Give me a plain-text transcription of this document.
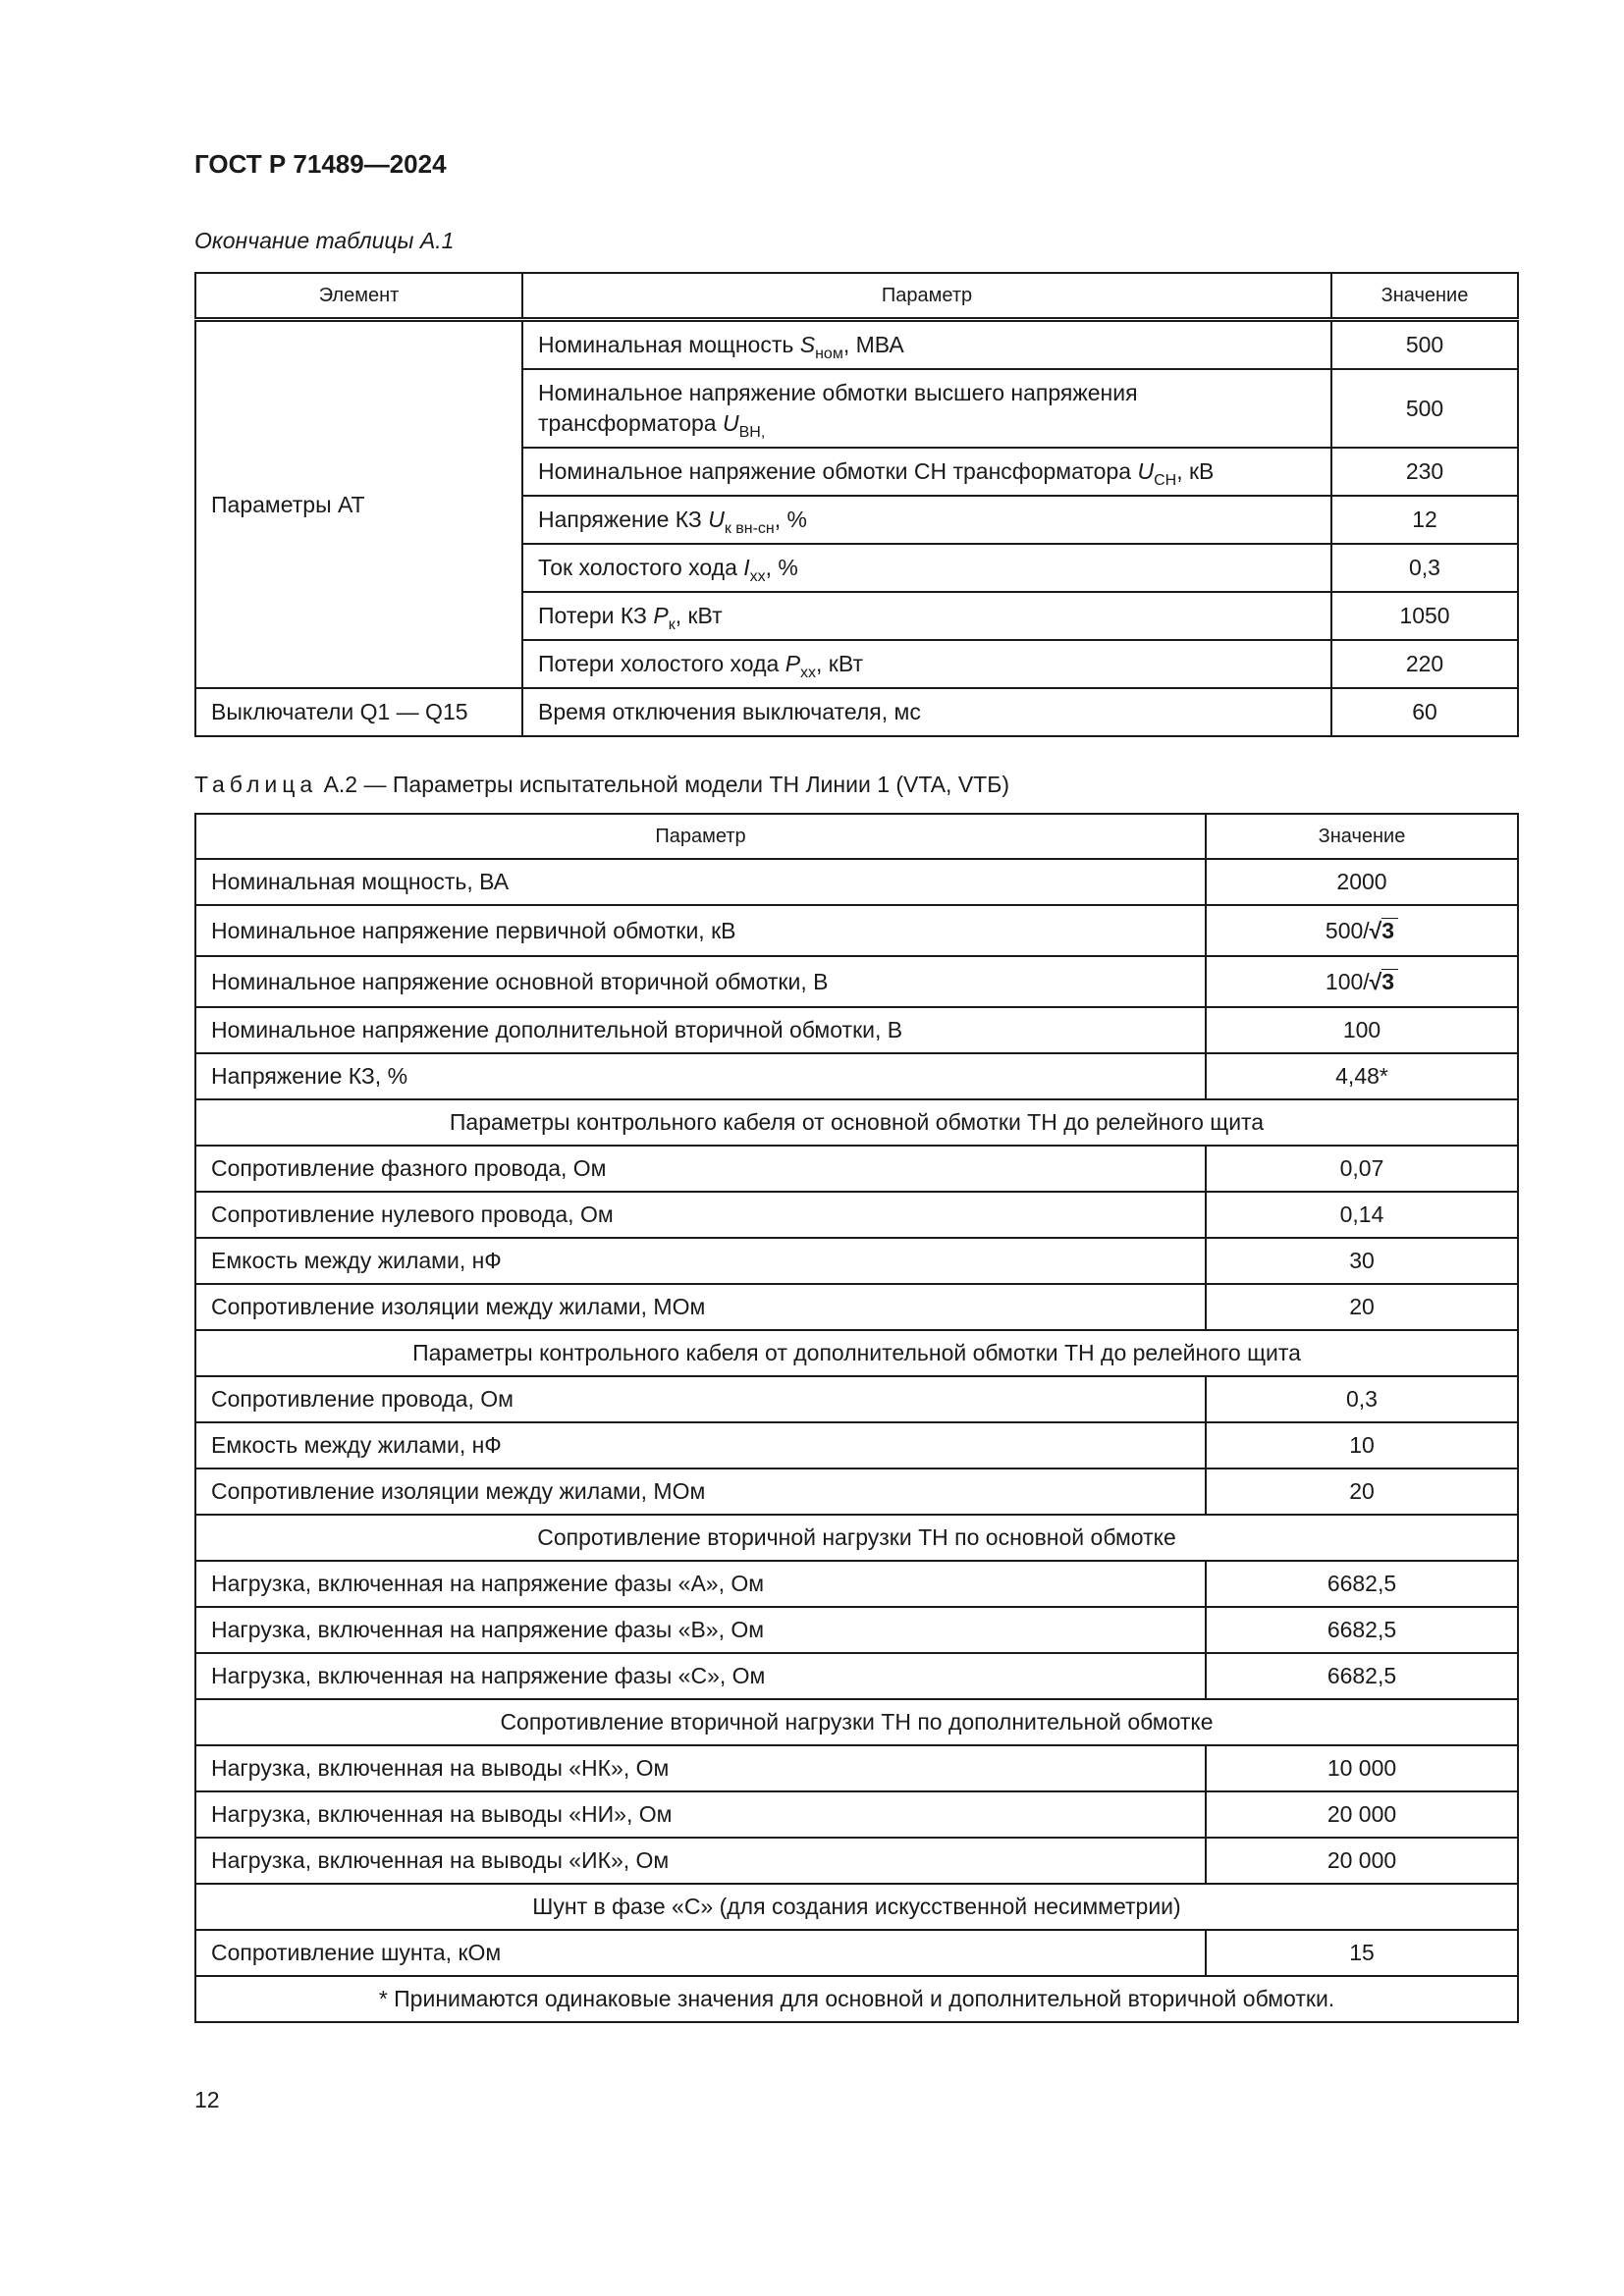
ГОСТ Р 71489—2024
Окончание таблицы А.1
Элемент	Параметр	Значение
Параметры АТ	Номинальная мощность $S_{ном}$, МВА	500
	Номинальное напряжение обмотки высшего напряжения трансформатора $U_{ВН,}$	500
	Номинальное напряжение обмотки СН трансформатора $U_{СН}$, кВ	230
	Напряжение КЗ $U_{к вн-сн}$, %	12
	Ток холостого хода $I_{хх}$, %	0,3
	Потери КЗ $P_к$, кВт	1050
	Потери холостого хода $P_{хх}$, кВт	220
Выключатели Q1 — Q15	Время отключения выключателя, мс	60
Таблица А.2 — Параметры испытательной модели ТН Линии 1 (VTA, VTБ)
Параметр	Значение
Номинальная мощность, ВА	2000
Номинальное напряжение первичной обмотки, кВ	500/√3
Номинальное напряжение основной вторичной обмотки, В	100/√3
Номинальное напряжение дополнительной вторичной обмотки, В	100
Напряжение КЗ, %	4,48*
Параметры контрольного кабеля от основной обмотки ТН до релейного щита	
Сопротивление фазного провода, Ом	0,07
Сопротивление нулевого провода, Ом	0,14
Емкость между жилами, нФ	30
Сопротивление изоляции между жилами, МОм	20
Параметры контрольного кабеля от дополнительной обмотки ТН до релейного щита	
Сопротивление провода, Ом	0,3
Емкость между жилами, нФ	10
Сопротивление изоляции между жилами, МОм	20
Сопротивление вторичной нагрузки ТН по основной обмотке	
Нагрузка, включенная на напряжение фазы «А», Ом	6682,5
Нагрузка, включенная на напряжение фазы «В», Ом	6682,5
Нагрузка, включенная на напряжение фазы «С», Ом	6682,5
Сопротивление вторичной нагрузки ТН по дополнительной обмотке	
Нагрузка, включенная на выводы «НК», Ом	10 000
Нагрузка, включенная на выводы «НИ», Ом	20 000
Нагрузка, включенная на выводы «ИК», Ом	20 000
Шунт в фазе «С» (для создания искусственной несимметрии)	
Сопротивление шунта, кОм	15
* Принимаются одинаковые значения для основной и дополнительной вторичной обмотки.	
12
